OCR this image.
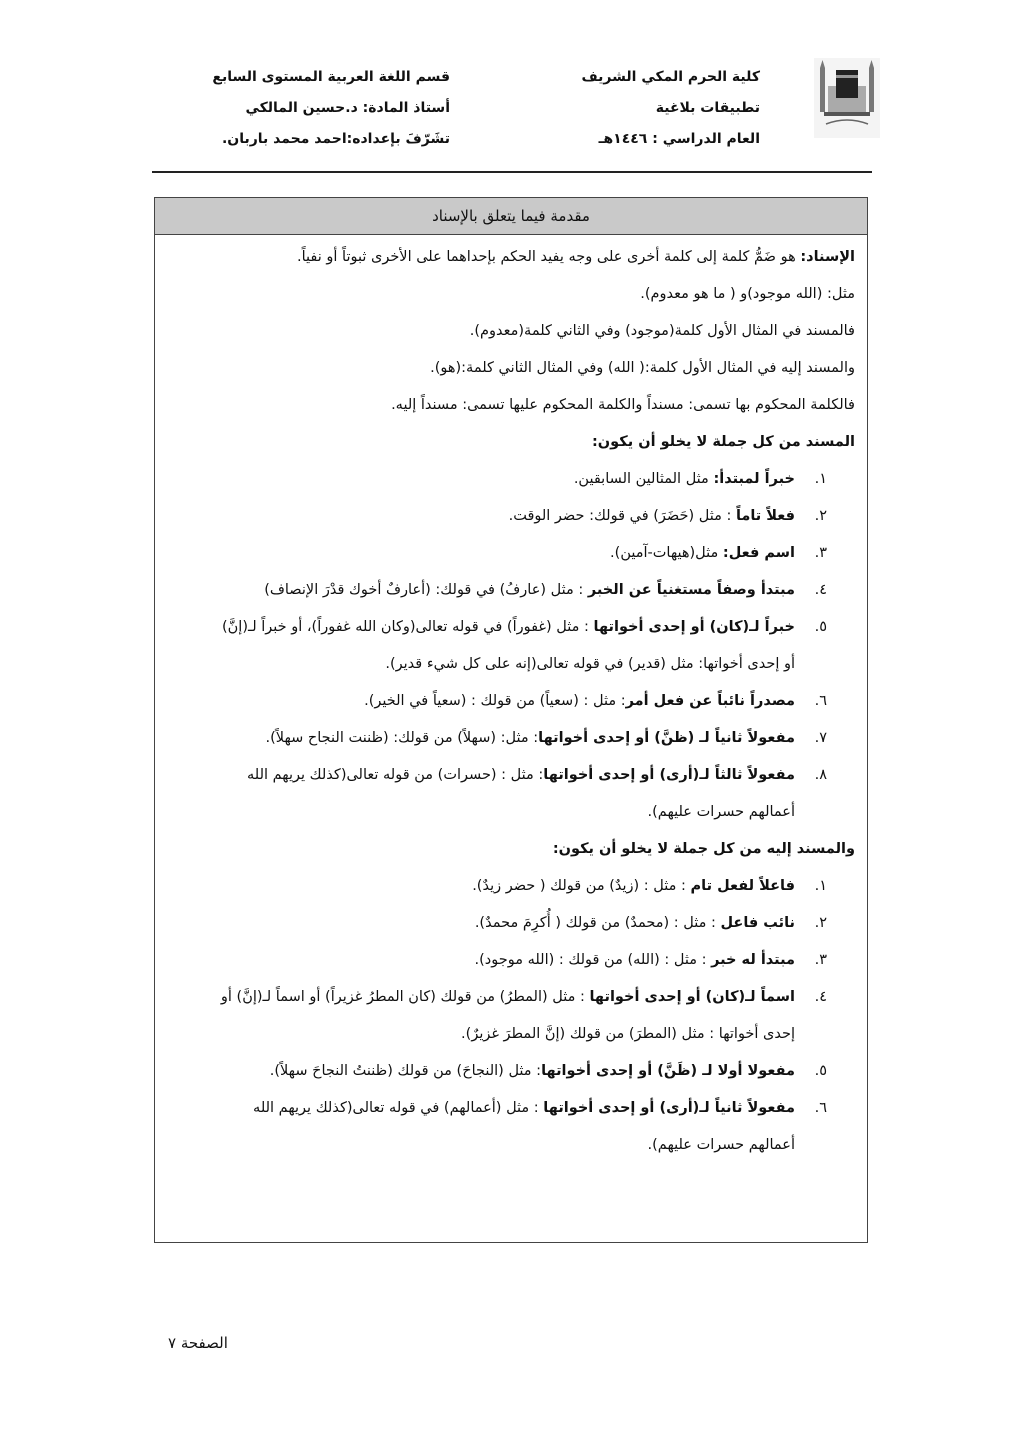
كلية الحرم المكي الشريف
تطبيقات بلاغية
العام الدراسي : ١٤٤٦هـ
قسم اللغة العربية المستوى السابع
أستاذ المادة: د.حسين المالكي
تشَرّفَ بإعداده:احمد محمد باربان.
مقدمة فيما يتعلق بالإسناد
الإسناد: هو ضَمُّ كلمة إلى كلمة أخرى على وجه يفيد الحكم بإحداهما على الأخرى ثبوتاً أو نفياً.
مثل: (الله موجود)و ( ما هو معدوم).
فالمسند في المثال الأول كلمة(موجود) وفي الثاني كلمة(معدوم).
والمسند إليه في المثال الأول كلمة:( الله) وفي المثال الثاني كلمة:(هو).
فالكلمة المحكوم بها تسمى: مسنداً والكلمة المحكوم عليها تسمى: مسنداً إليه.
المسند من كل جملة لا يخلو أن يكون:
١.
خبراً لمبتدأ: مثل المثالين السابقين.
٢.
فعلاً تاماً : مثل (حَضَرَ) في قولك: حضر الوقت.
٣.
اسم فعل: مثل(هيهات-آمين).
٤.
مبتدأ وصفاً مستغنياً عن الخبر : مثل (عارفُ) في قولك: (أعارفٌ أخوك قدْرَ الإنصاف)
٥.
خبراً لـ(كان) أو إحدى أخواتها : مثل (غفوراً) في قوله تعالى(وكان الله غفوراً)، أو خبراً لـ(إنَّ)
أو إحدى أخواتها: مثل (قدير) في قوله تعالى(إنه على كل شيء قدير).
٦.
مصدراً نائباً عن فعل أمر: مثل : (سعياً) من قولك : (سعياً في الخير).
٧.
مفعولاً ثانياً لـ (ظنَّ) أو إحدى أخواتها: مثل: (سهلاً) من قولك: (ظننت النجاح سهلاً).
٨.
مفعولاً ثالثاً لـ(أرى) أو إحدى أخواتها: مثل : (حسرات) من قوله تعالى(كذلك يريهم الله
أعمالهم حسرات عليهم).
والمسند إليه من كل جملة لا يخلو أن يكون:
١.
فاعلاً لفعل تام : مثل : (زيدٌ) من قولك ( حضر زيدٌ).
٢.
نائب فاعل : مثل : (محمدٌ) من قولك ( أُكرِمَ محمدٌ).
٣.
مبتدأ له خبر : مثل : (الله) من قولك : (الله موجود).
٤.
اسماً لـ(كان) أو إحدى أخواتها : مثل (المطرُ) من قولك (كان المطرُ غزيراً) أو اسماً لـ(إنَّ) أو
إحدى أخواتها : مثل (المطرَ) من قولك (إنَّ المطرَ غزيرٌ).
٥.
مفعولا أولا لـ (ظَنَّ) أو إحدى أخواتها: مثل (النجاحَ) من قولك (ظننتُ النجاحَ سهلاً).
٦.
مفعولاً ثانياً لـ(أرى) أو إحدى أخواتها : مثل (أعمالهم) في قوله تعالى(كذلك يريهم الله
أعمالهم حسرات عليهم).
الصفحة ٧
